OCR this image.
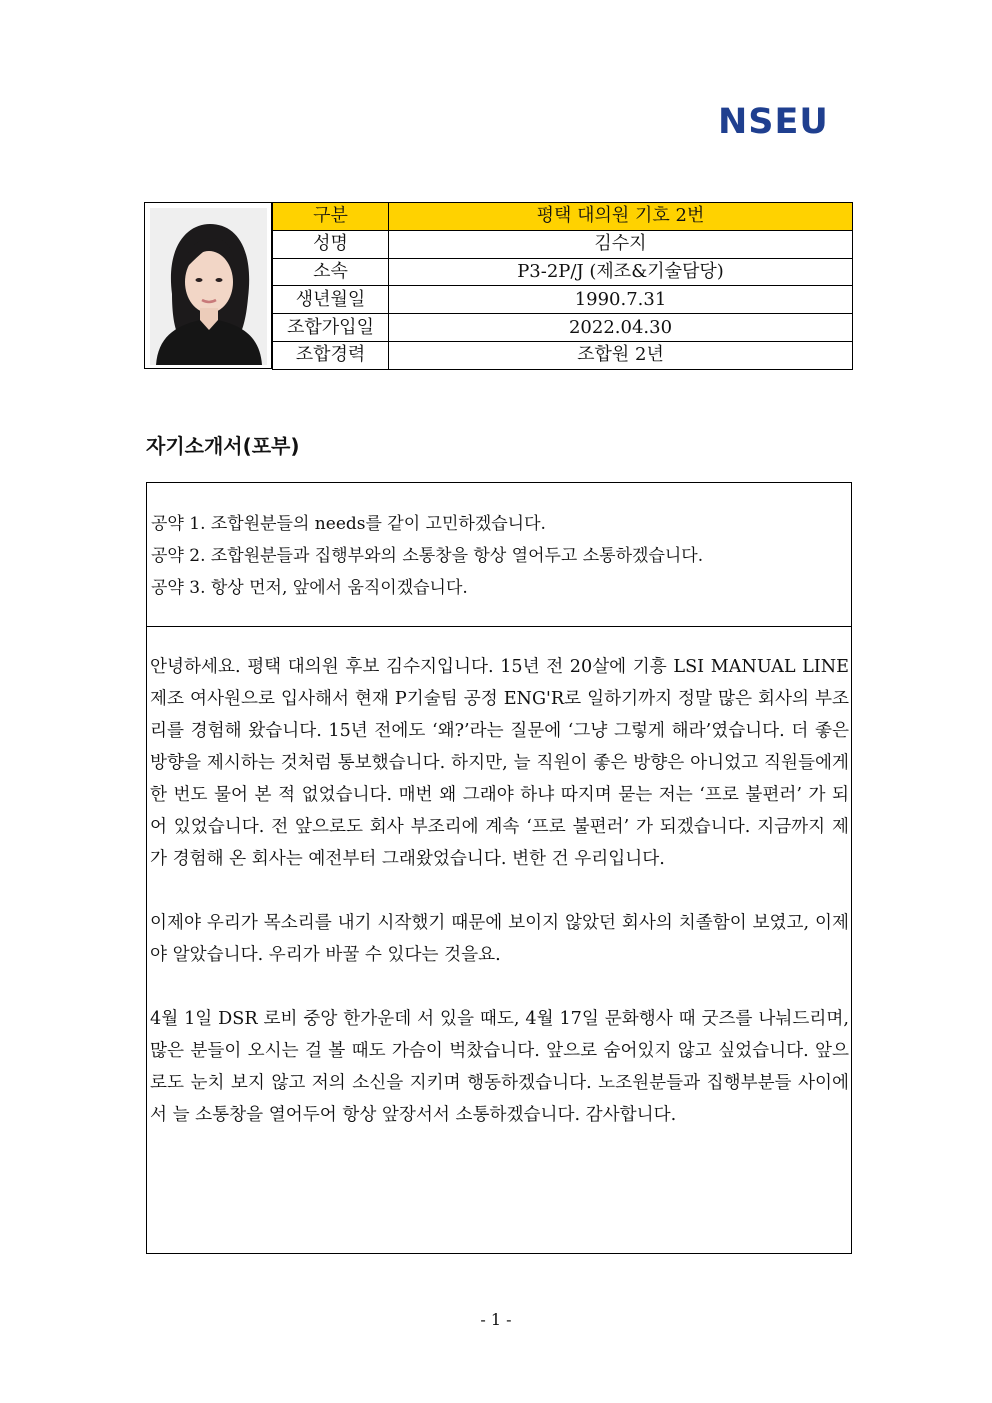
NSEU
구분	평택 대의원 기호 2번
성명	김수지
소속	P3-2P/J (제조&기술담당)
생년월일	1990.7.31
조합가입일	2022.04.30
조합경력	조합원 2년
자기소개서(포부)
공약 1. 조합원분들의 needs를 같이 고민하겠습니다.
공약 2. 조합원분들과 집행부와의 소통창을 항상 열어두고 소통하겠습니다.
공약 3. 항상 먼저, 앞에서 움직이겠습니다.

안녕하세요. 평택 대의원 후보 김수지입니다. 15년 전 20살에 기흥 LSI MANUAL LINE 제조 여사원으로 입사해서 현재 P기술팀 공정 ENG'R로 일하기까지 정말 많은 회사의 부조리를 경험해 왔습니다. 15년 전에도 ‘왜?’라는 질문에 ‘그냥 그렇게 해라’였습니다. 더 좋은 방향을 제시하는 것처럼 통보했습니다. 하지만, 늘 직원이 좋은 방향은 아니었고 직원들에게 한 번도 물어 본 적 없었습니다. 매번 왜 그래야 하냐 따지며 묻는 저는 ‘프로 불편러’ 가 되어 있었습니다. 전 앞으로도 회사 부조리에 계속 ‘프로 불편러’ 가 되겠습니다. 지금까지 제가 경험해 온 회사는 예전부터 그래왔었습니다. 변한 건 우리입니다.

이제야 우리가 목소리를 내기 시작했기 때문에 보이지 않았던 회사의 치졸함이 보였고, 이제야 알았습니다. 우리가 바꿀 수 있다는 것을요.

4월 1일 DSR 로비 중앙 한가운데 서 있을 때도, 4월 17일 문화행사 때 굿즈를 나눠드리며, 많은 분들이 오시는 걸 볼 때도 가슴이 벅찼습니다. 앞으로 숨어있지 않고 싶었습니다. 앞으로도 눈치 보지 않고 저의 소신을 지키며 행동하겠습니다. 노조원분들과 집행부분들 사이에서 늘 소통창을 열어두어 항상 앞장서서 소통하겠습니다. 감사합니다.

- 1 -
